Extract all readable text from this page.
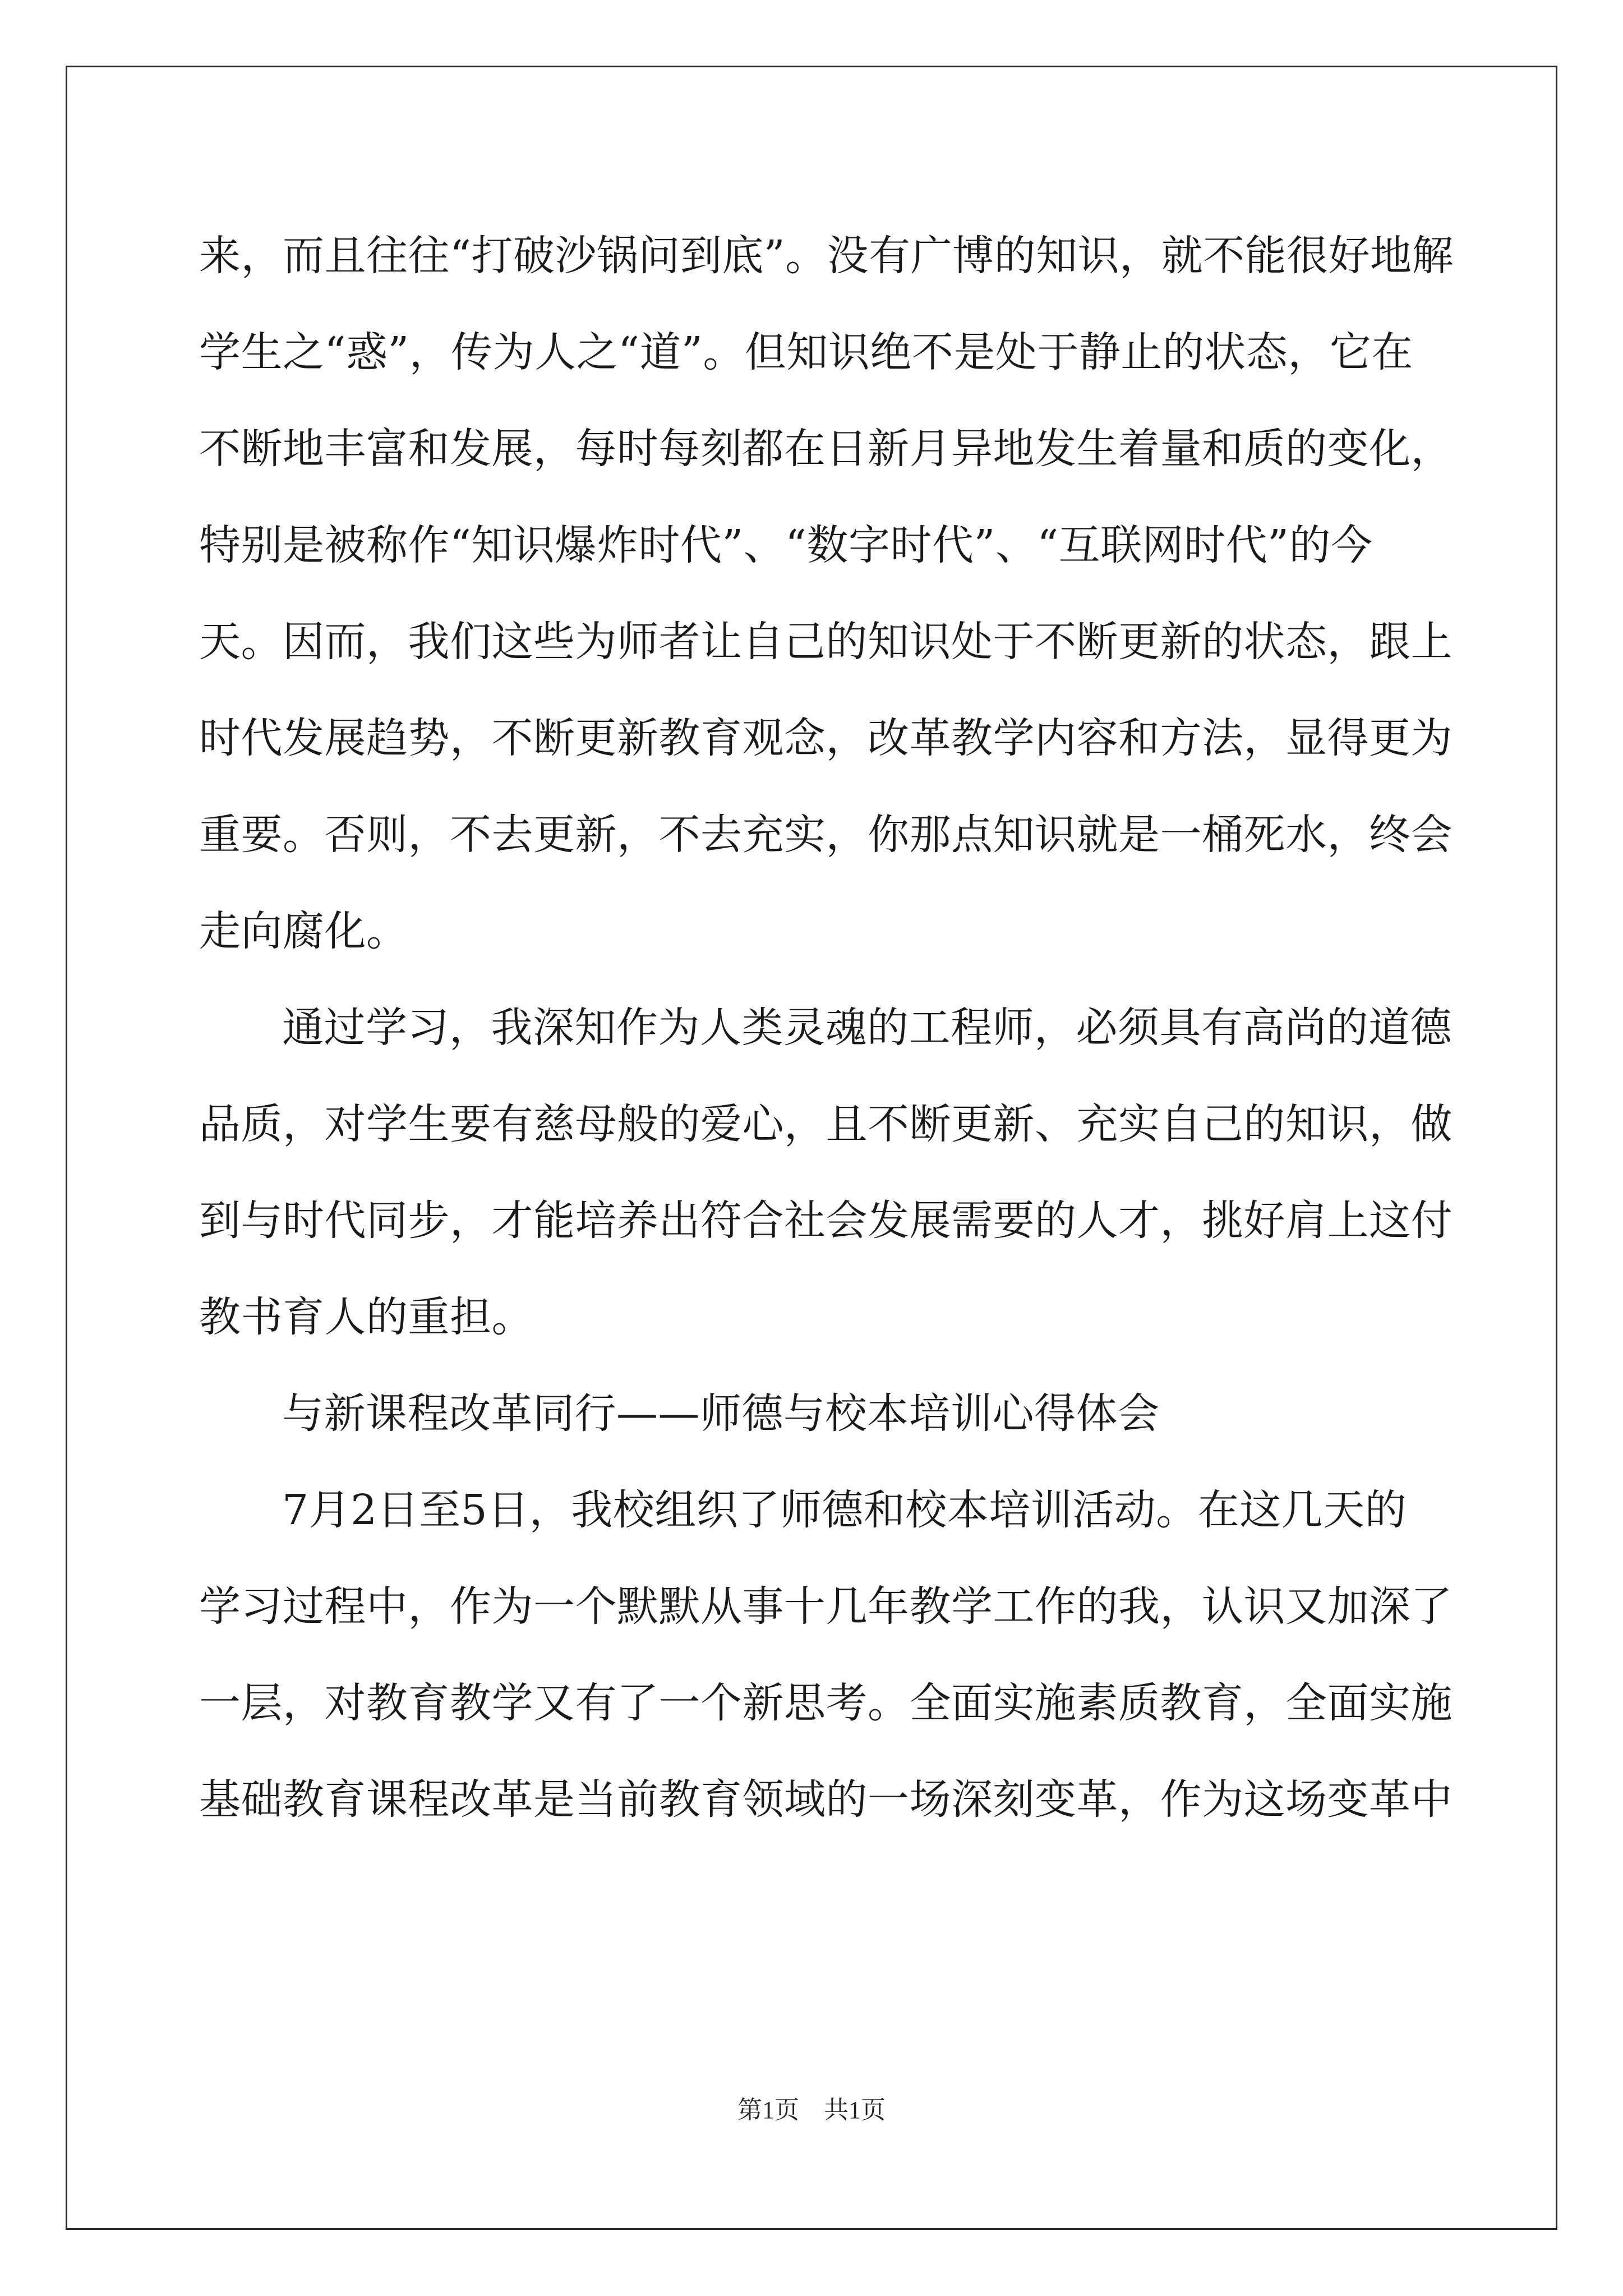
来，而且往往“打破沙锅问到底”。没有广博的知识，就不能很好地解
学生之“惑”，传为人之“道”。但知识绝不是处于静止的状态，它在
不断地丰富和发展，每时每刻都在日新月异地发生着量和质的变化，
特别是被称作“知识爆炸时代”、“数字时代”、“互联网时代”的今
天。因而，我们这些为师者让自己的知识处于不断更新的状态，跟上
时代发展趋势，不断更新教育观念，改革教学内容和方法，显得更为
重要。否则，不去更新，不去充实，你那点知识就是一桶死水，终会
走向腐化。
通过学习，我深知作为人类灵魂的工程师，必须具有高尚的道德
品质，对学生要有慈母般的爱心，且不断更新、充实自己的知识，做
到与时代同步，才能培养出符合社会发展需要的人才，挑好肩上这付
教书育人的重担。
与新课程改革同行——师德与校本培训心得体会
7月2日至5日，我校组织了师德和校本培训活动。在这几天的
学习过程中，作为一个默默从事十几年教学工作的我，认识又加深了
一层，对教育教学又有了一个新思考。全面实施素质教育，全面实施
基础教育课程改革是当前教育领域的一场深刻变革，作为这场变革中
第1页　共1页
